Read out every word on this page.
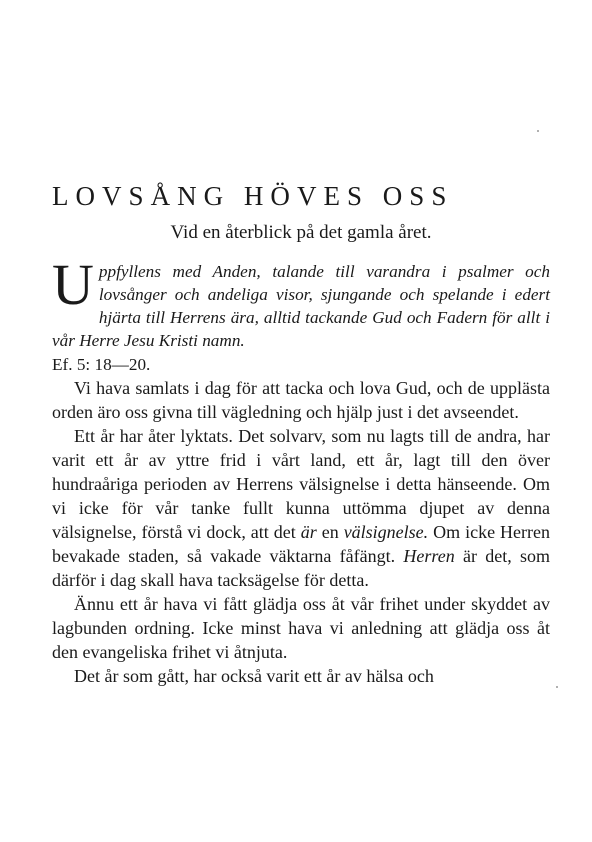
LOVSÅNG HÖVES OSS
Vid en återblick på det gamla året.
Uppfyllens med Anden, talande till varandra i psalmer och lovsånger och andeliga visor, sjungande och spelande i edert hjärta till Herrens ära, alltid tackande Gud och Fadern för allt i vår Herre Jesu Kristi namn.
Ef. 5: 18—20.

Vi hava samlats i dag för att tacka och lova Gud, och de upplästa orden äro oss givna till vägledning och hjälp just i det avseendet.

Ett år har åter lyktats. Det solvarv, som nu lagts till de andra, har varit ett år av yttre frid i vårt land, ett år, lagt till den över hundraåriga perioden av Herrens välsignelse i detta hänseende. Om vi icke för vår tanke fullt kunna uttömma djupet av denna välsignelse, förstå vi dock, att det är en välsignelse. Om icke Herren bevakade staden, så vakade väktarna fåfängt. Herren är det, som därför i dag skall hava tacksägelse för detta.

Ännu ett år hava vi fått glädja oss åt vår frihet under skyddet av lagbunden ordning. Icke minst hava vi anledning att glädja oss åt den evangeliska frihet vi åtnjuta.

Det år som gått, har också varit ett år av hälsa och
